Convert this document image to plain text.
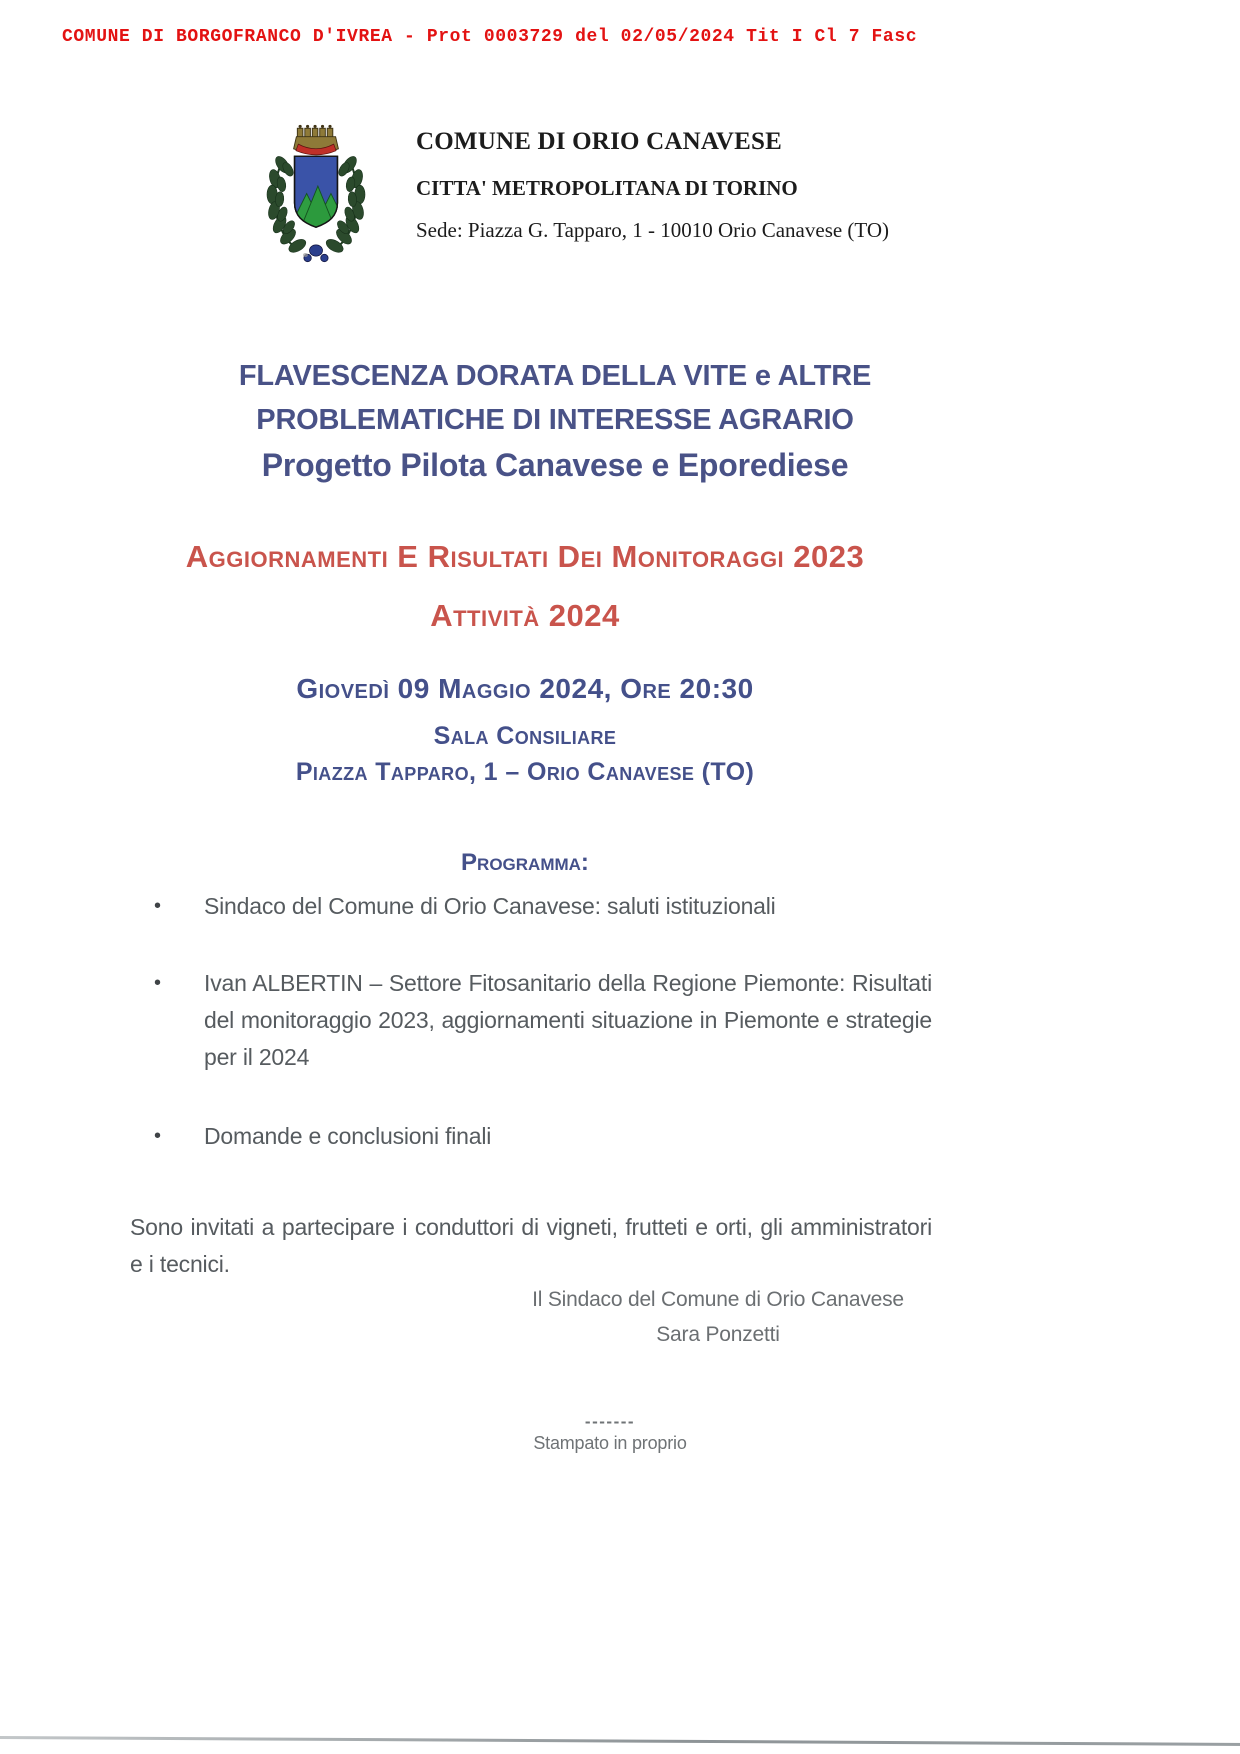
COMUNE DI BORGOFRANCO D'IVREA - Prot 0003729 del 02/05/2024 Tit I Cl 7 Fasc
COMUNE DI ORIO CANAVESE
CITTA' METROPOLITANA DI TORINO
Sede: Piazza G. Tapparo, 1 - 10010 Orio Canavese (TO)
FLAVESCENZA DORATA DELLA VITE e ALTRE
PROBLEMATICHE DI INTERESSE AGRARIO
Progetto Pilota Canavese e Eporediese
Aggiornamenti E Risultati Dei Monitoraggi 2023
Attività 2024
Giovedì 09 Maggio 2024, Ore 20:30
Sala Consiliare
Piazza Tapparo, 1 – Orio Canavese (TO)
Programma:
•	Sindaco del Comune di Orio Canavese: saluti istituzionali
•	Ivan ALBERTIN – Settore Fitosanitario della Regione Piemonte: Risultati del monitoraggio 2023, aggiornamenti situazione in Piemonte e strategie per il 2024
•	Domande e conclusioni finali

Sono invitati a partecipare i conduttori di vigneti, frutteti e orti, gli amministratori e i tecnici.

Il Sindaco del Comune di Orio Canavese
Sara Ponzetti
-------
Stampato in proprio
